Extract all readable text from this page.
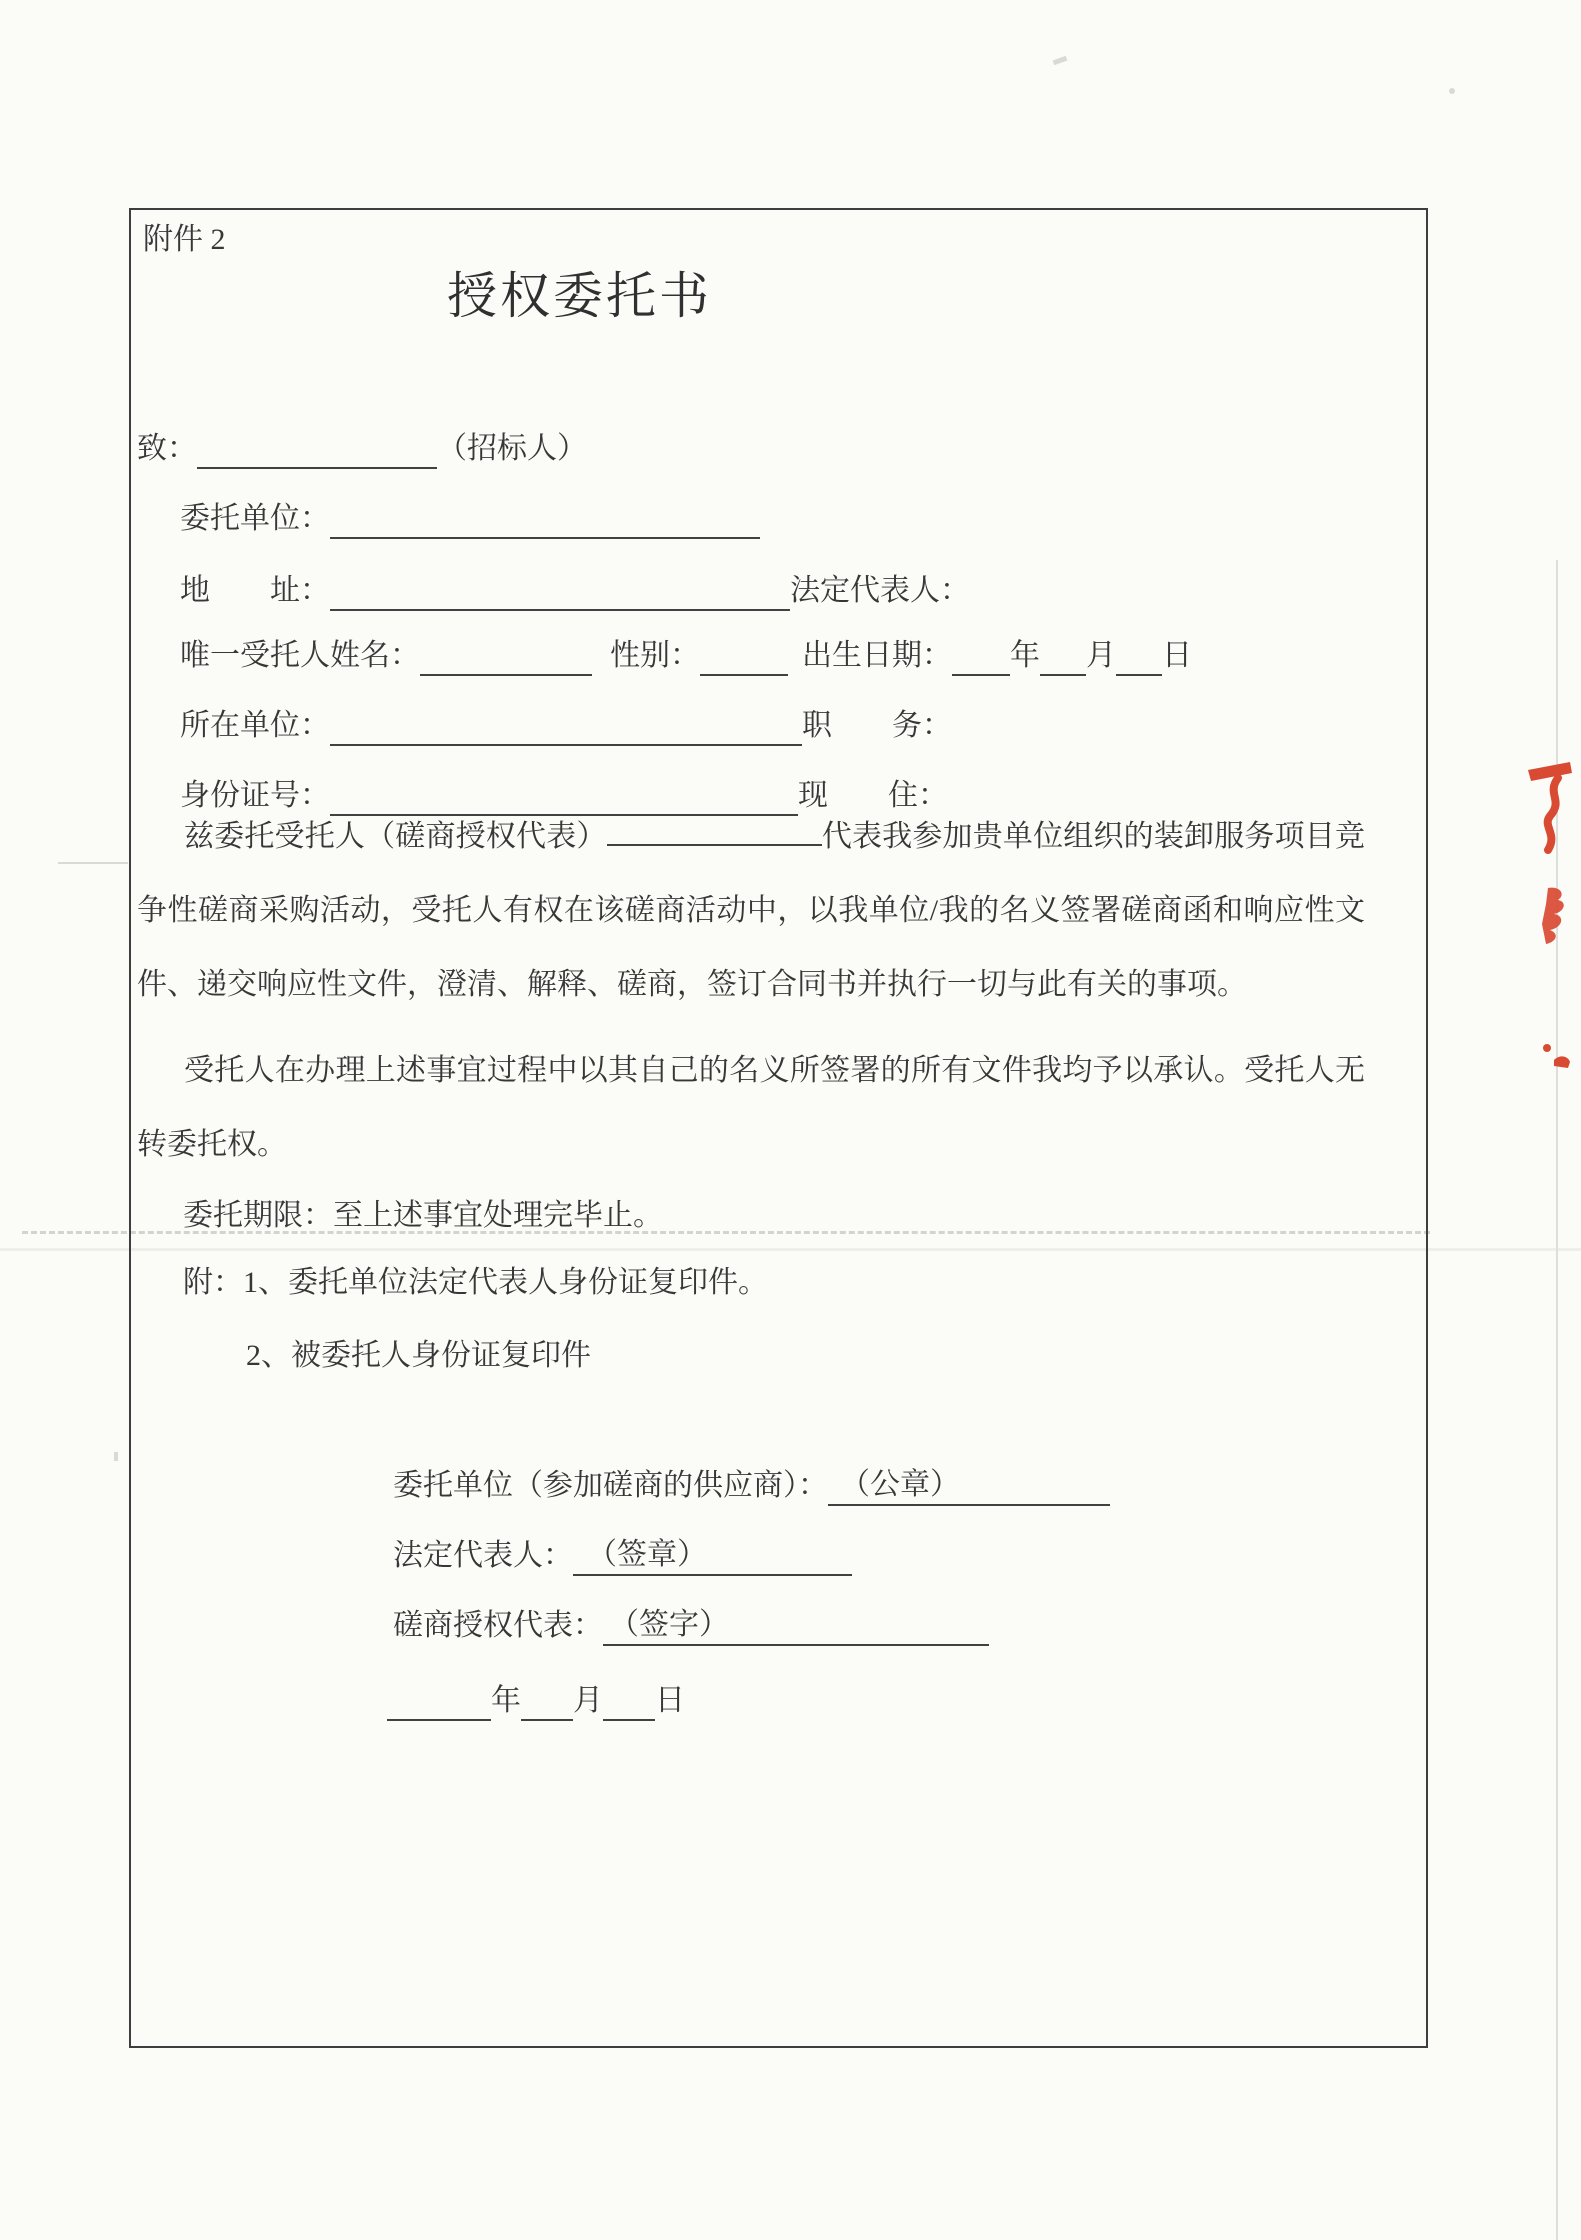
附件 2
授权委托书
致：	（招标人）
委托单位：
地　　址：	法定代表人：
唯一受托人姓名：	性别：	出生日期： 年 月 日
所在单位：	职　　务：
身份证号：	现　　住：
兹委托受托人（磋商授权代表）	代表我参加贵单位组织的装卸服务项目竞争性磋商采购活动，受托人有权在该磋商活动中，以我单位/我的名义签署磋商函和响应性文件、递交响应性文件，澄清、解释、磋商，签订合同书并执行一切与此有关的事项。
受托人在办理上述事宜过程中以其自己的名义所签署的所有文件我均予以承认。受托人无转委托权。
委托期限：至上述事宜处理完毕止。
附：1、委托单位法定代表人身份证复印件。
2、被委托人身份证复印件
委托单位（参加磋商的供应商）： （公章）
法定代表人： （签章）
磋商授权代表： （签字）
年 月 日
